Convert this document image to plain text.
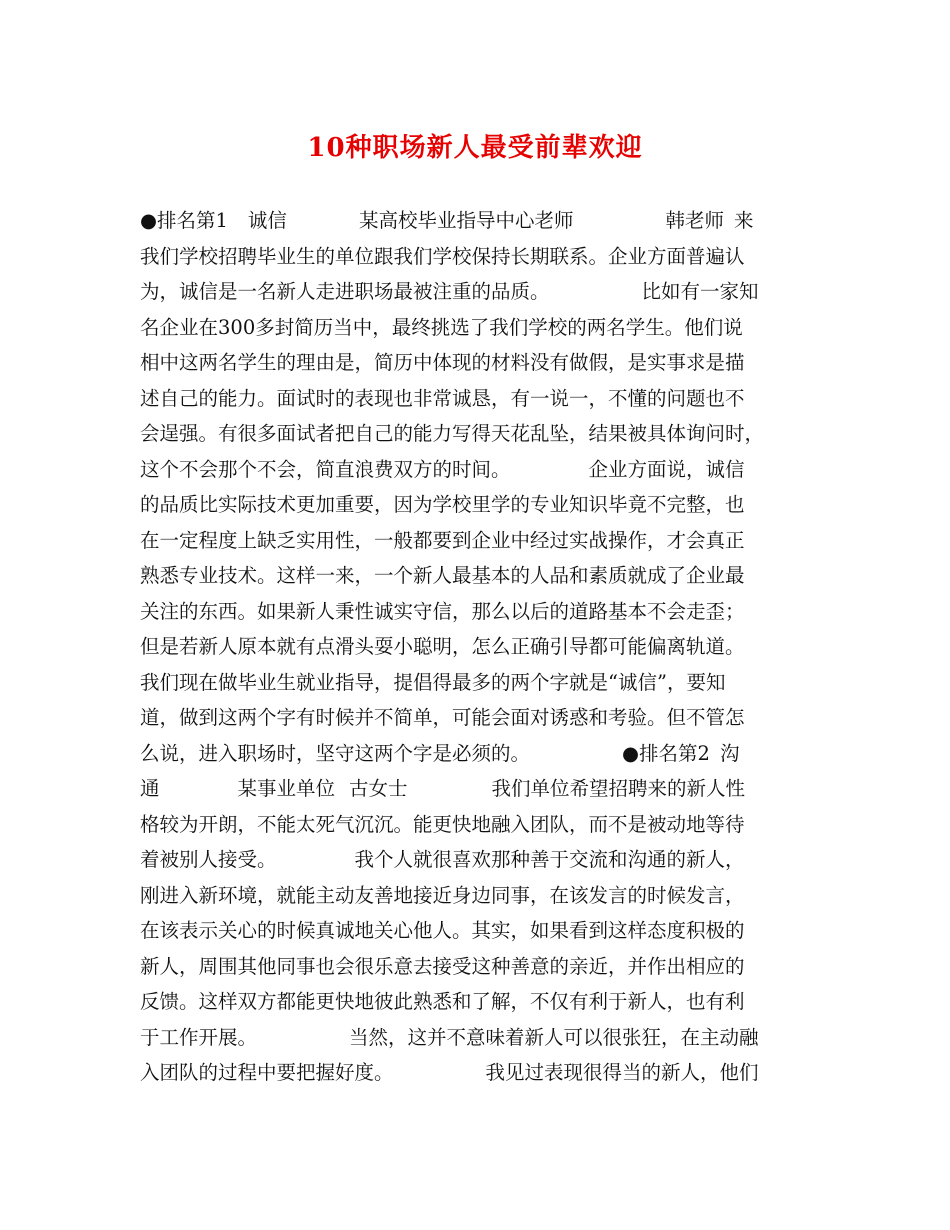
10种职场新人最受前辈欢迎
●排名第1 诚信	某高校毕业指导中心老师	韩老师 来
我们学校招聘毕业生的单位跟我们学校保持长期联系。企业方面普遍认
为，诚信是一名新人走进职场最被注重的品质。	比如有一家知
名企业在300多封简历当中，最终挑选了我们学校的两名学生。他们说
相中这两名学生的理由是，简历中体现的材料没有做假，是实事求是描
述自己的能力。面试时的表现也非常诚恳，有一说一，不懂的问题也不
会逞强。有很多面试者把自己的能力写得天花乱坠，结果被具体询问时，
这个不会那个不会，简直浪费双方的时间。	企业方面说，诚信
的品质比实际技术更加重要，因为学校里学的专业知识毕竟不完整，也
在一定程度上缺乏实用性，一般都要到企业中经过实战操作，才会真正
熟悉专业技术。这样一来，一个新人最基本的人品和素质就成了企业最
关注的东西。如果新人秉性诚实守信，那么以后的道路基本不会走歪；
但是若新人原本就有点滑头耍小聪明，怎么正确引导都可能偏离轨道。
我们现在做毕业生就业指导，提倡得最多的两个字就是“诚信”，要知
道，做到这两个字有时候并不简单，可能会面对诱惑和考验。但不管怎
么说，进入职场时，坚守这两个字是必须的。	●排名第2 沟
通	某事业单位 古女士	我们单位希望招聘来的新人性
格较为开朗，不能太死气沉沉。能更快地融入团队，而不是被动地等待
着被别人接受。	我个人就很喜欢那种善于交流和沟通的新人，
刚进入新环境，就能主动友善地接近身边同事，在该发言的时候发言，
在该表示关心的时候真诚地关心他人。其实，如果看到这样态度积极的
新人，周围其他同事也会很乐意去接受这种善意的亲近，并作出相应的
反馈。这样双方都能更快地彼此熟悉和了解，不仅有利于新人，也有利
于工作开展。	当然，这并不意味着新人可以很张狂，在主动融
入团队的过程中要把握好度。	我见过表现很得当的新人，他们
